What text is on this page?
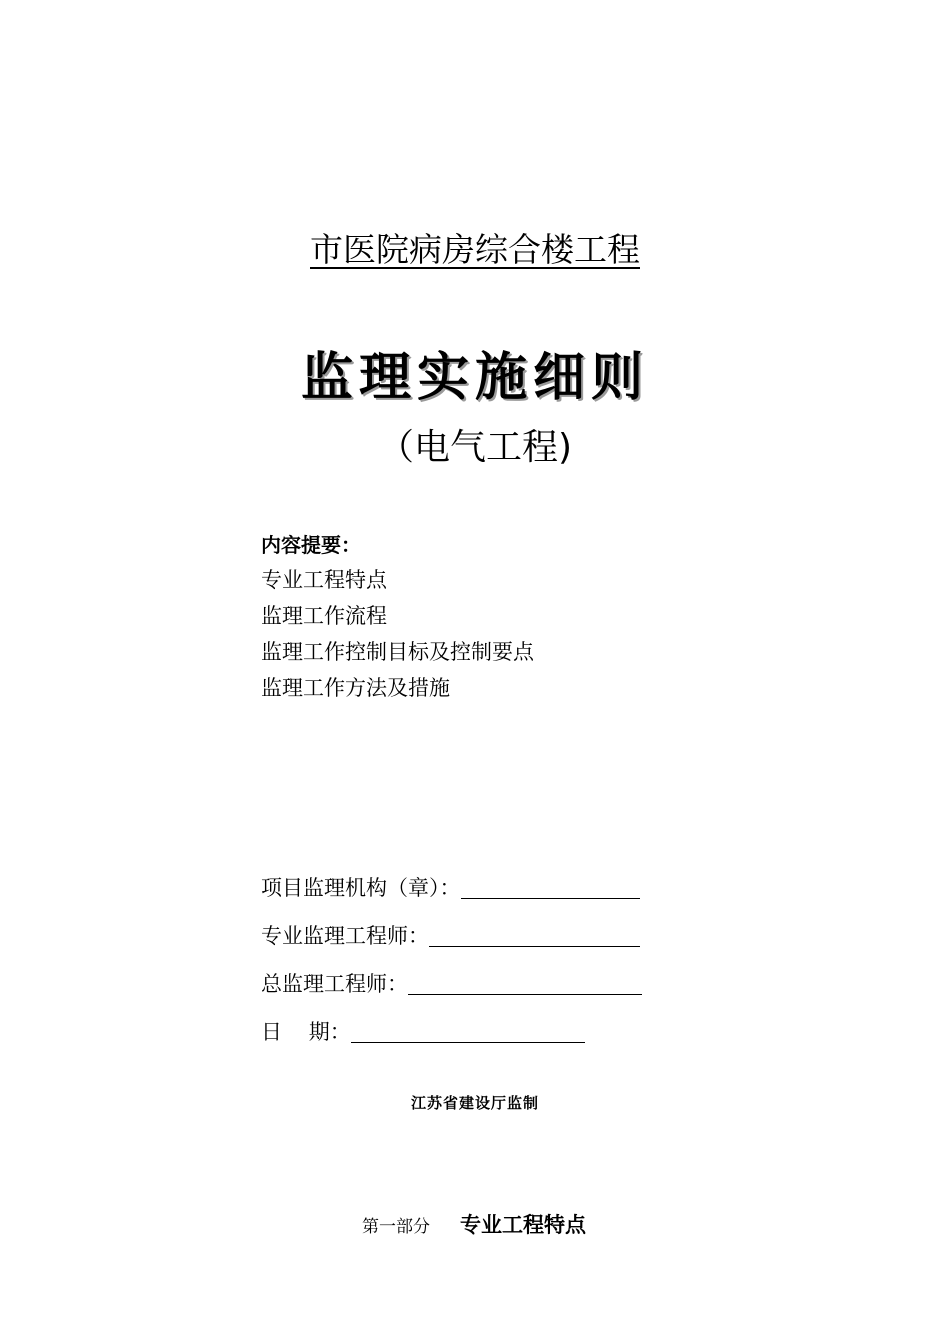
市医院病房综合楼工程
监理实施细则
（电气工程)
内容提要：
专业工程特点
监理工作流程
监理工作控制目标及控制要点
监理工作方法及措施
项目监理机构（章）：
专业监理工程师：
总监理工程师：
日    期：
江苏省建设厅监制
第一部分 专业工程特点
